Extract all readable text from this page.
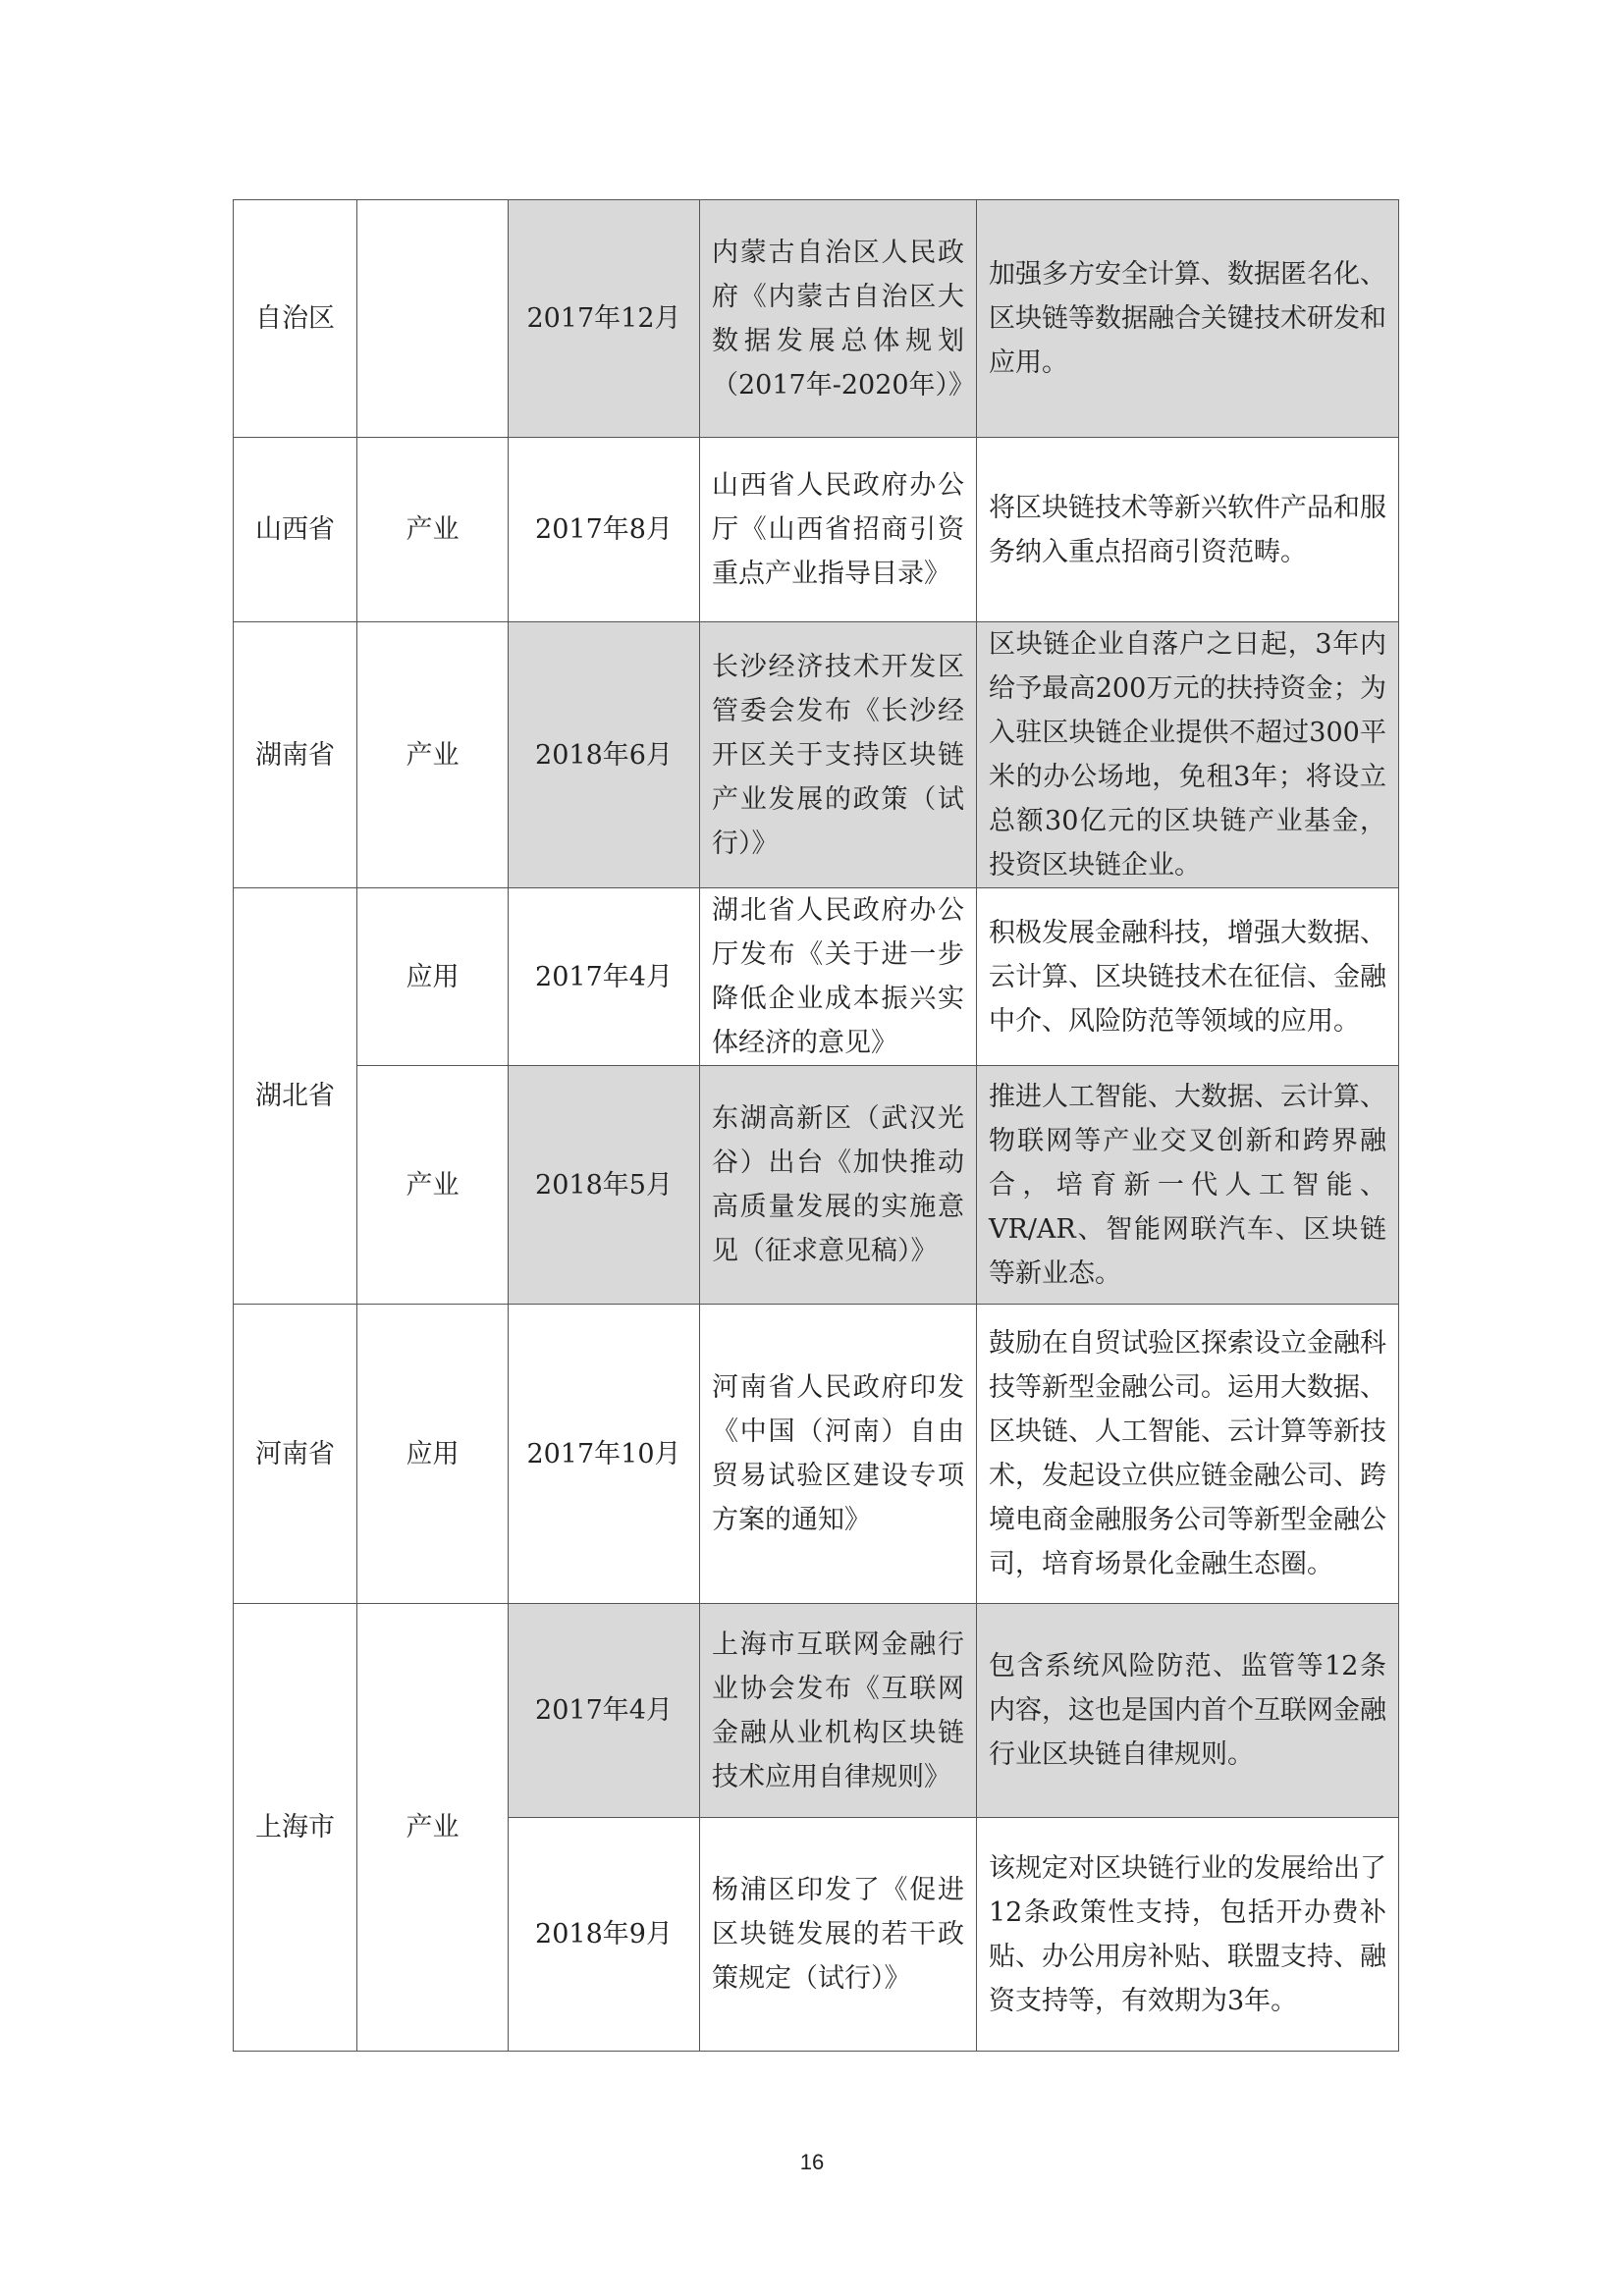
自治区		2017年12月	内蒙古自治区人民政府《内蒙古自治区大数据发展总体规划（2017年-2020年）》	加强多方安全计算、数据匿名化、区块链等数据融合关键技术研发和应用。
山西省	产业	2017年8月	山西省人民政府办公厅《山西省招商引资重点产业指导目录》	将区块链技术等新兴软件产品和服务纳入重点招商引资范畴。
湖南省	产业	2018年6月	长沙经济技术开发区管委会发布《长沙经开区关于支持区块链产业发展的政策（试行）》	区块链企业自落户之日起，3年内给予最高200万元的扶持资金；为入驻区块链企业提供不超过300平米的办公场地，免租3年；将设立总额30亿元的区块链产业基金，投资区块链企业。
湖北省	应用	2017年4月	湖北省人民政府办公厅发布《关于进一步降低企业成本振兴实体经济的意见》	积极发展金融科技，增强大数据、云计算、区块链技术在征信、金融中介、风险防范等领域的应用。
	产业	2018年5月	东湖高新区（武汉光谷）出台《加快推动高质量发展的实施意见（征求意见稿）》	推进人工智能、大数据、云计算、物联网等产业交叉创新和跨界融合，培育新一代人工智能、VR/AR、智能网联汽车、区块链等新业态。
河南省	应用	2017年10月	河南省人民政府印发《中国（河南）自由贸易试验区建设专项方案的通知》	鼓励在自贸试验区探索设立金融科技等新型金融公司。运用大数据、区块链、人工智能、云计算等新技术，发起设立供应链金融公司、跨境电商金融服务公司等新型金融公司，培育场景化金融生态圈。
上海市	产业	2017年4月	上海市互联网金融行业协会发布《互联网金融从业机构区块链技术应用自律规则》	包含系统风险防范、监管等12条内容，这也是国内首个互联网金融行业区块链自律规则。
		2018年9月	杨浦区印发了《促进区块链发展的若干政策规定（试行）》	该规定对区块链行业的发展给出了12条政策性支持，包括开办费补贴、办公用房补贴、联盟支持、融资支持等，有效期为3年。
16
